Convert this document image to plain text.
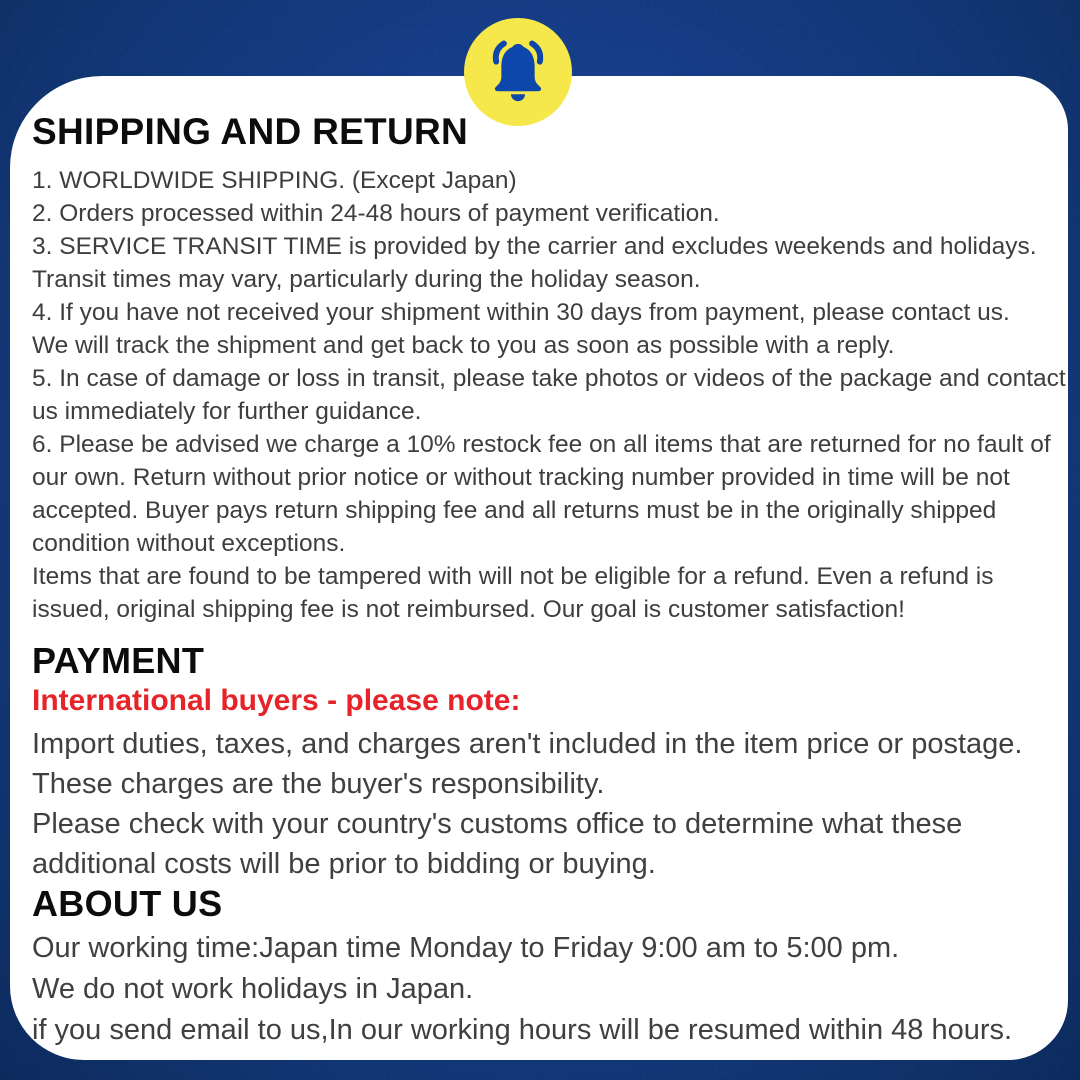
SHIPPING AND RETURN
1. WORLDWIDE SHIPPING. (Except Japan)
2. Orders processed within 24-48 hours of payment verification.
3. SERVICE TRANSIT TIME is provided by the carrier and excludes weekends and holidays.
Transit times may vary, particularly during the holiday season.
4. If you have not received your shipment within 30 days from payment, please contact us.
We will track the shipment and get back to you as soon as possible with a reply.
5. In case of damage or loss in transit, please take photos or videos of the package and contact
us immediately for further guidance.
6. Please be advised we charge a 10% restock fee on all items that are returned for no fault of
our own. Return without prior notice or without tracking number provided in time will be not
accepted. Buyer pays return shipping fee and all returns must be in the originally shipped
condition without exceptions.
Items that are found to be tampered with will not be eligible for a refund. Even a refund is
issued, original shipping fee is not reimbursed. Our goal is customer satisfaction!
PAYMENT
International buyers - please note:
Import duties, taxes, and charges aren't included in the item price or postage.
These charges are the buyer's responsibility.
Please check with your country's customs office to determine what these
additional costs will be prior to bidding or buying.
ABOUT US
Our working time:Japan time Monday to Friday 9:00 am to 5:00 pm.
We do not work holidays in Japan.
if you send email to us,In our working hours will be resumed within 48 hours.
